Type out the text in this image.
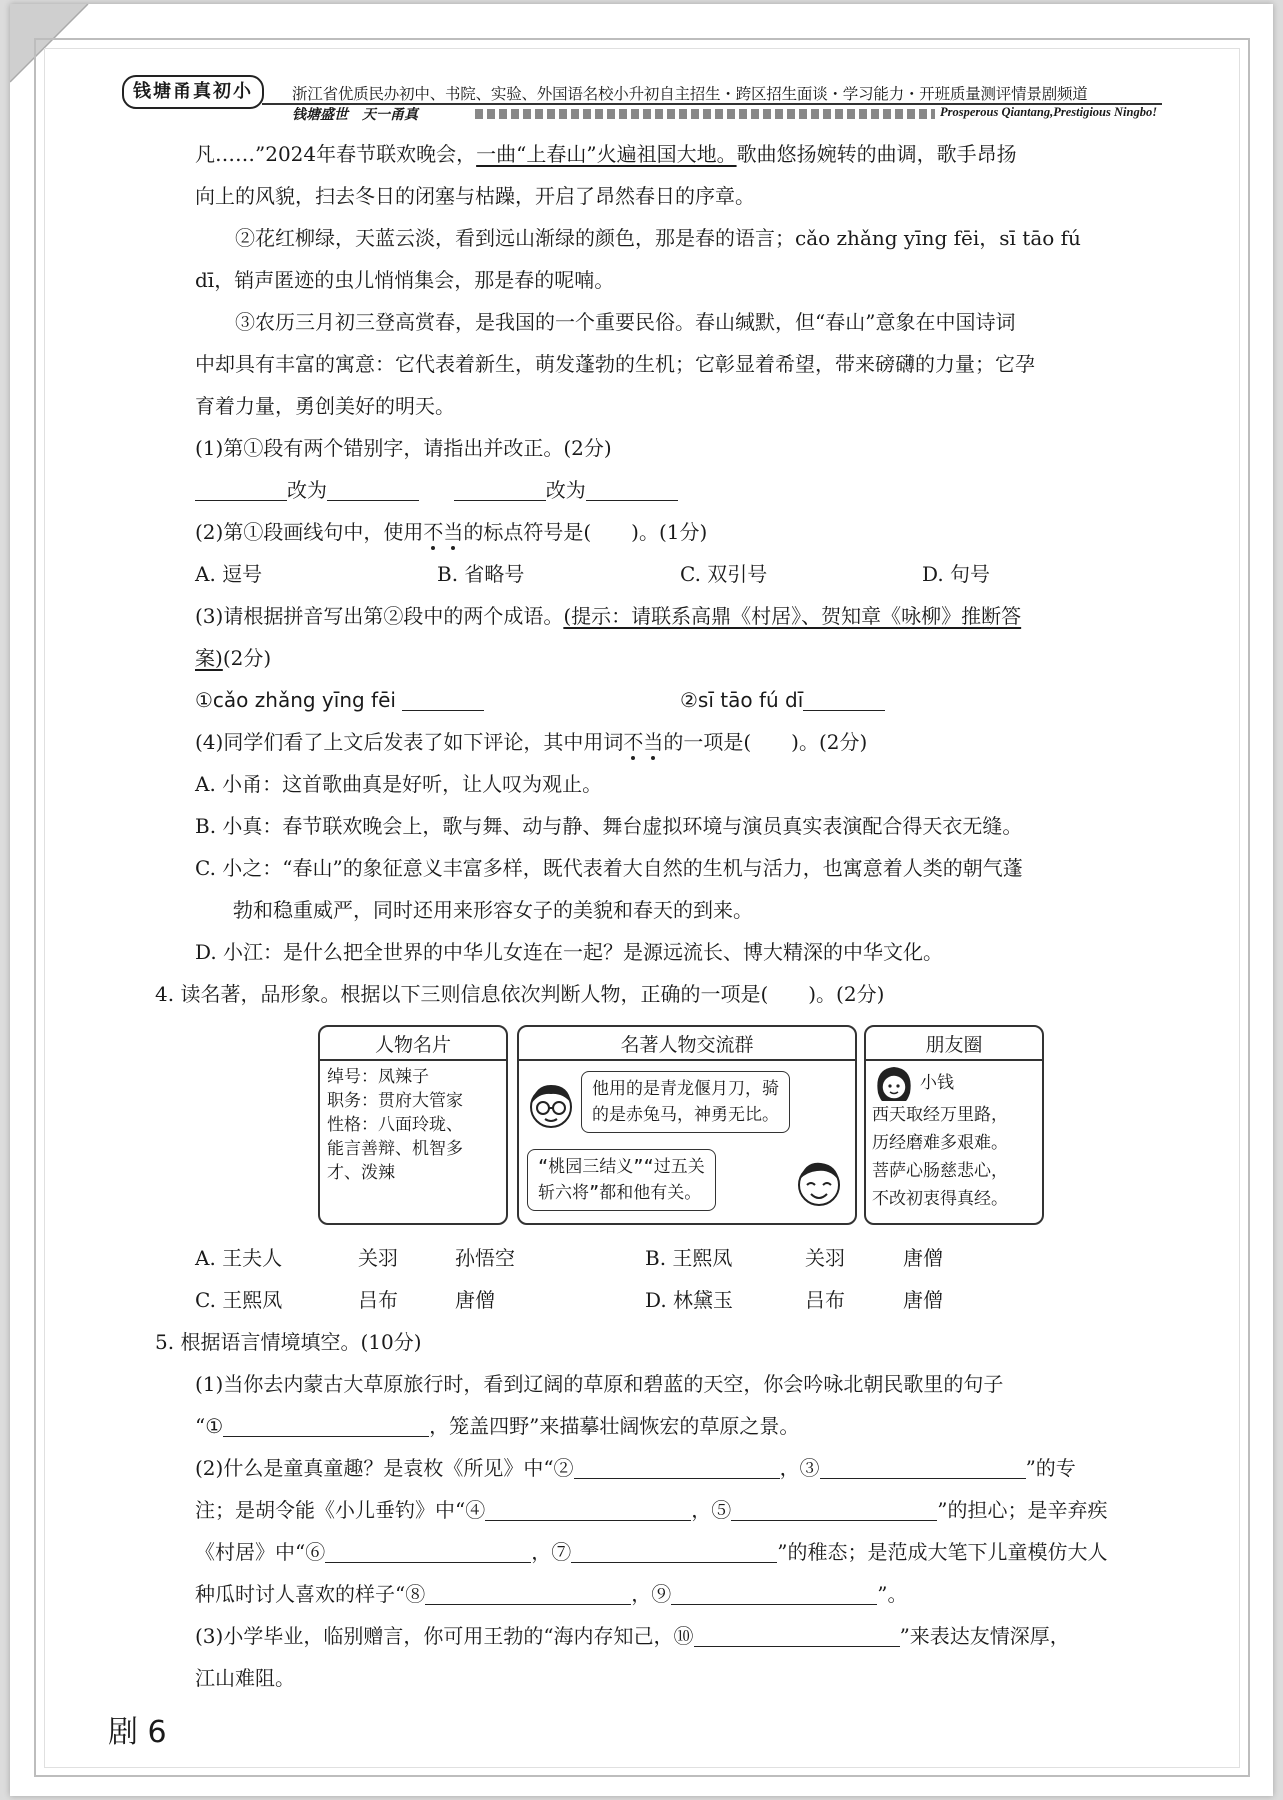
钱塘甬真初小	浙江省优质民办初中、书院、实验、外国语名校小升初自主招生・跨区招生面谈・学习能力・开班质量测评情景剧频道
钱塘盛世　天一甬真	Prosperous Qiantang,Prestigious Ningbo!
凡……”2024年春节联欢晚会，一曲“上春山”火遍祖国大地。歌曲悠扬婉转的曲调，歌手昂扬
向上的风貌，扫去冬日的闭塞与枯躁，开启了昂然春日的序章。
②花红柳绿，天蓝云淡，看到远山渐绿的颜色，那是春的语言；cǎo zhǎng yīng fēi，sī tāo fú
dī，销声匿迹的虫儿悄悄集会，那是春的呢喃。
③农历三月初三登高赏春，是我国的一个重要民俗。春山缄默，但“春山”意象在中国诗词
中却具有丰富的寓意：它代表着新生，萌发蓬勃的生机；它彰显着希望，带来磅礴的力量；它孕
育着力量，勇创美好的明天。
(1)第①段有两个错别字，请指出并改正。(2分)
改为	改为
(2)第①段画线句中，使用不当的标点符号是(　　)。(1分)
A. 逗号	B. 省略号	C. 双引号	D. 句号
(3)请根据拼音写出第②段中的两个成语。(提示：请联系高鼎《村居》、贺知章《咏柳》推断答
案)(2分)
①cǎo zhǎng yīng fēi	②sī tāo fú dī
(4)同学们看了上文后发表了如下评论，其中用词不当的一项是(　　)。(2分)
A. 小甬：这首歌曲真是好听，让人叹为观止。
B. 小真：春节联欢晚会上，歌与舞、动与静、舞台虚拟环境与演员真实表演配合得天衣无缝。
C. 小之：“春山”的象征意义丰富多样，既代表着大自然的生机与活力，也寓意着人类的朝气蓬
勃和稳重威严，同时还用来形容女子的美貌和春天的到来。
D. 小江：是什么把全世界的中华儿女连在一起？是源远流长、博大精深的中华文化。
4. 读名著，品形象。根据以下三则信息依次判断人物，正确的一项是(　　)。(2分)
人物名片
绰号：凤辣子
职务：贯府大管家
性格：八面玲珑、
能言善辩、机智多
才、泼辣
名著人物交流群
他用的是青龙偃月刀，骑
的是赤兔马，神勇无比。
“桃园三结义”“过五关
斩六将”都和他有关。
朋友圈
小钱
西天取经万里路，
历经磨难多艰难。
菩萨心肠慈悲心，
不改初衷得真经。
A. 王夫人	关羽	孙悟空	B. 王熙凤	关羽	唐僧
C. 王熙凤	吕布	唐僧	D. 林黛玉	吕布	唐僧
5. 根据语言情境填空。(10分)
(1)当你去内蒙古大草原旅行时，看到辽阔的草原和碧蓝的天空，你会吟咏北朝民歌里的句子
“①	，笼盖四野”来描摹壮阔恢宏的草原之景。
(2)什么是童真童趣？是袁枚《所见》中“②	，③	”的专
注；是胡令能《小儿垂钓》中“④	，⑤	”的担心；是辛弃疾
《村居》中“⑥	，⑦	”的稚态；是范成大笔下儿童模仿大人
种瓜时讨人喜欢的样子“⑧	，⑨	”。
(3)小学毕业，临别赠言，你可用王勃的“海内存知己，⑩	”来表达友情深厚，
江山难阻。
剧 6
